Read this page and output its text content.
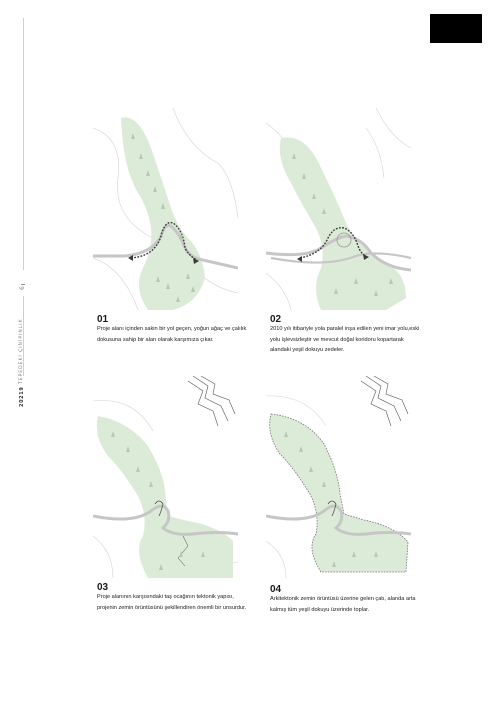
6
TEPEDEKİ ÇINİPINLIK
20219
01
Proje alanı içinden sakin bir yol geçen, yoğun ağaç ve çalılık dokusuna sahip bir alan olarak karşımıza çıkar.
02
2010 yılı itibariyle yola paralel inşa edilen yeni imar yolu,eski yolu işlevsizleştir ve mevcut doğal koridoru kopartarak alandaki yeşil dokuyu zedeler.
03
Proje alanının karşısındaki taş ocağının tektonik yapısı, projenin zemin örüntüsünü şekillendiren önemli bir unsurdur.
04
Arkitektonik zemin örüntüsü üzerine gelen çatı, alanda arta kalmış tüm yeşil dokuyu üzerinde toplar.
